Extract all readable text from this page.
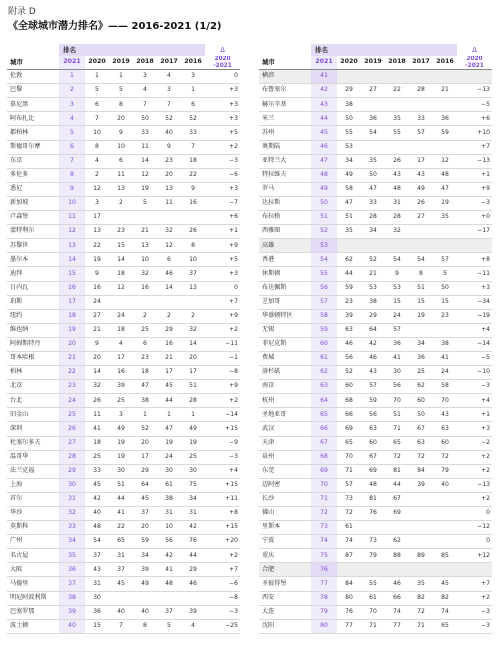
附录 D
《全球城市潜力排名》—— 2016-2021 (1/2)
	排名						Δ
城市	2021	2020	2019	2018	2017	2016	2020
-2021

伦敦	1	1	1	3	4	3	0
巴黎	2	5	5	4	3	1	+3
慕尼黑	3	6	8	7	7	6	+3
阿布扎比	4	7	20	50	52	52	+3
都柏林	5	10	9	33	40	33	+5
斯德哥尔摩	6	8	10	11	9	7	+2
东京	7	4	6	14	23	18	−3
多伦多	8	2	11	12	20	22	−6
悉尼	9	12	13	19	13	9	+3
新加坡	10	3	2	5	11	16	−7
卢森堡	11	17					+6
蒙特利尔	12	13	23	21	32	26	+1
苏黎世	13	22	15	13	12	8	+9
墨尔本	14	19	14	10	6	10	+5
迪拜	15	9	18	32	46	37	+3
日内瓦	16	16	12	16	14	13	0
珀斯	17	24					+7
纽约	18	27	24	2	2	2	+9
维也纳	19	21	18	25	29	32	+2
阿姆斯特丹	20	9	4	6	16	14	−11
哥本哈根	21	20	17	23	21	20	−1
柏林	22	14	16	18	17	17	−8
北京	23	32	39	47	45	51	+9
台北	24	26	25	38	44	28	+2
旧金山	25	11	3	1	1	1	−14
深圳	26	41	49	52	47	49	+15
杜塞尔多夫	27	18	19	20	19	19	−9
温哥华	28	25	19	17	24	25	−3
法兰克福	29	33	30	29	30	30	+4
上海	30	45	51	64	61	75	+15
首尔	31	42	44	45	38	34	+11
华沙	32	40	41	37	31	31	+8
莫斯科	33	48	22	20	10	42	+15
广州	34	54	65	59	56	76	+20
名古屋	35	37	31	34	42	44	+2
大阪	36	43	37	39	41	29	+7
马德里	37	31	45	49	48	46	−6
明尼阿波利斯	38	30					−8
巴塞罗那	39	36	40	40	37	39	−3
波士顿	40	15	7	8	5	4	−25
	排名						Δ
城市	2021	2020	2019	2018	2017	2016	2020
-2021

横滨	41						
布鲁塞尔	42	29	27	22	28	21	−13
赫尔辛基	43	38					−5
米兰	44	50	36	35	33	36	+6
苏州	45	55	54	55	57	59	+10
奥斯陆	46	53					+7
亚特兰大	47	34	35	26	17	12	−13
特拉维夫	48	49	50	43	43	48	+1
罗马	49	58	47	48	49	47	+9
达拉斯	50	47	33	31	26	19	−3
布拉格	51	51	28	28	27	35	+0
西雅图	52	35	34	32			−17
高雄	53						
香港	54	62	52	54	54	57	+8
休斯顿	55	44	21	9	8	5	−11
布达佩斯	56	59	53	53	51	50	+3
芝加哥	57	23	38	15	15	15	−34
华盛顿特区	58	39	29	24	19	23	−19
无锡	59	63	64	57			+4
菲尼克斯	60	46	42	36	34	38	−14
费城	61	56	46	41	36	41	−5
洛杉矶	62	52	43	30	25	24	−10
南京	63	60	57	56	62	58	−3
杭州	64	68	59	70	60	70	+4
圣地亚哥	65	66	56	51	50	43	+1
武汉	66	69	63	71	67	63	+3
天津	67	65	60	65	63	60	−2
泉州	68	70	67	72	72	72	+2
东莞	69	71	69	81	84	79	+2
迈阿密	70	57	48	44	39	40	−13
长沙	71	73	81	67			+2
佛山	72	72	76	69			0
里斯本	73	61					−12
宁波	74	74	73	62			0
重庆	75	87	79	88	89	85	+12
合肥	76						
圣彼得堡	77	84	55	46	35	45	+7
西安	78	80	61	66	82	82	+2
大连	79	76	70	74	72	74	−3
沈阳	80	77	71	77	71	65	−3
